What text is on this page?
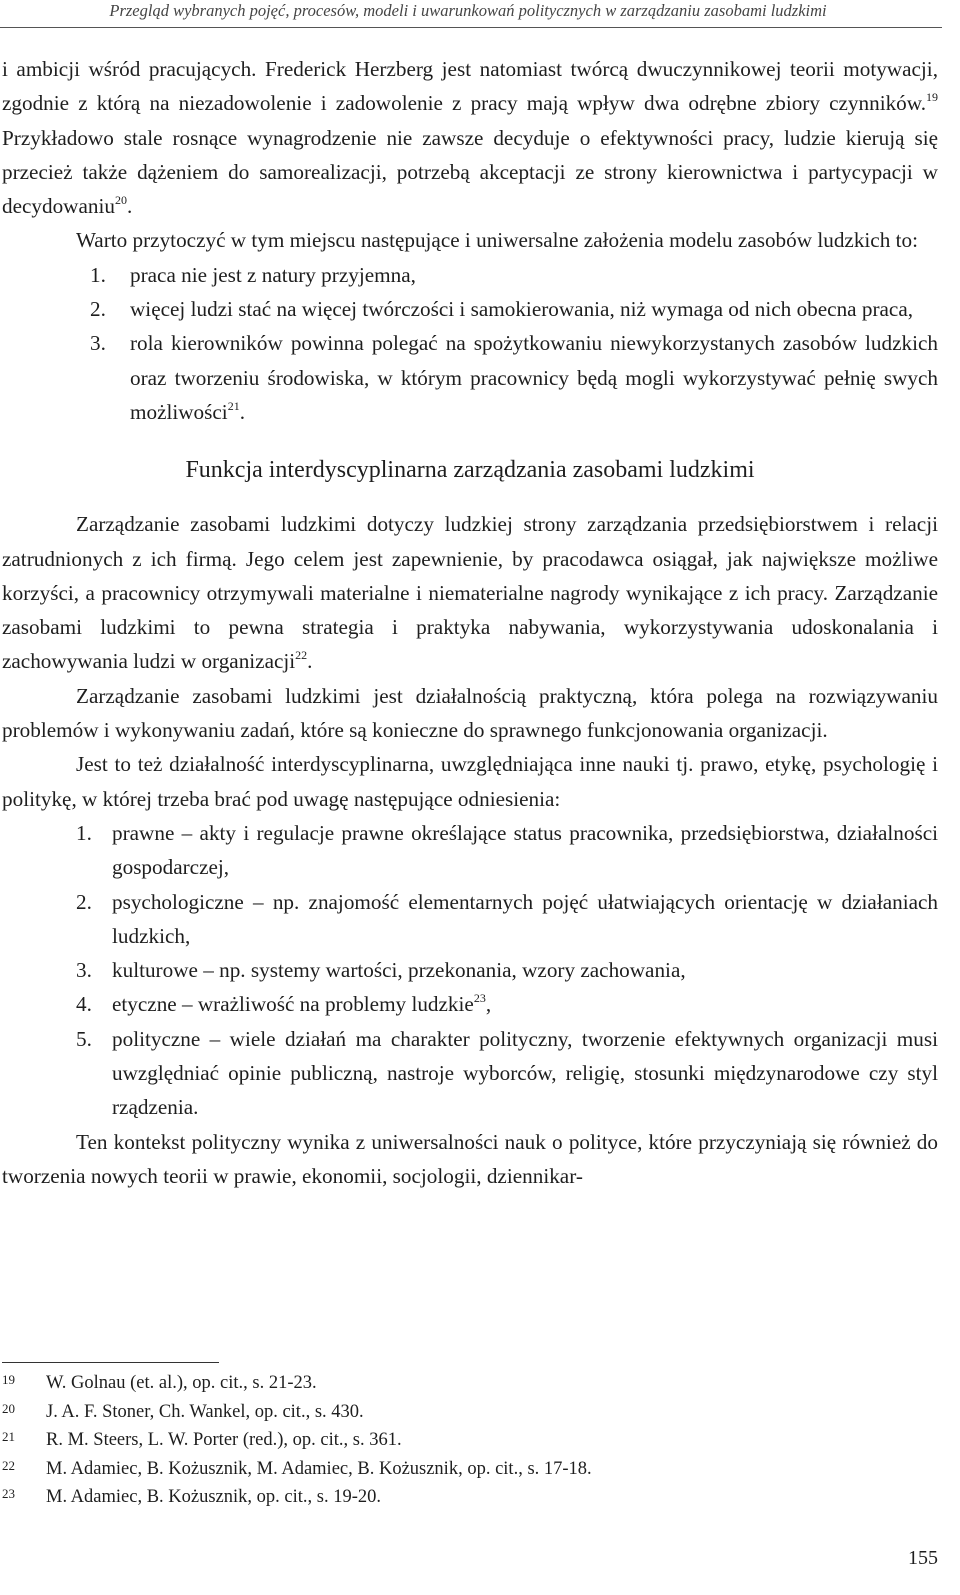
Przegląd wybranych pojęć, procesów, modeli i uwarunkowań politycznych w zarządzaniu zasobami ludzkimi

i ambicji wśród pracujących. Frederick Herzberg jest natomiast twórcą dwuczynnikowej teorii motywacji, zgodnie z którą na niezadowolenie i zadowolenie z pracy mają wpływ dwa odrębne zbiory czynników.$^{19}$ Przykładowo stale rosnące wynagrodzenie nie zawsze decyduje o efektywności pracy, ludzie kierują się przecież także dążeniem do samorealizacji, potrzebą akceptacji ze strony kierownictwa i partycypacji w decydowaniu$^{20}$.

Warto przytoczyć w tym miejscu następujące i uniwersalne założenia modelu zasobów ludzkich to:

1. praca nie jest z natury przyjemna,
2. więcej ludzi stać na więcej twórczości i samokierowania, niż wymaga od nich obecna praca,
3. rola kierowników powinna polegać na spożytkowaniu niewykorzystanych zasobów ludzkich oraz tworzeniu środowiska, w którym pracownicy będą mogli wykorzystywać pełnię swych możliwości$^{21}$.
Funkcja interdyscyplinarna zarządzania zasobami ludzkimi

Zarządzanie zasobami ludzkimi dotyczy ludzkiej strony zarządzania przedsiębiorstwem i relacji zatrudnionych z ich firmą. Jego celem jest zapewnienie, by pracodawca osiągał, jak największe możliwe korzyści, a pracownicy otrzymywali materialne i niematerialne nagrody wynikające z ich pracy. Zarządzanie zasobami ludzkimi to pewna strategia i praktyka nabywania, wykorzystywania udoskonalania i zachowywania ludzi w organizacji$^{22}$.

Zarządzanie zasobami ludzkimi jest działalnością praktyczną, która polega na rozwiązywaniu problemów i wykonywaniu zadań, które są konieczne do sprawnego funkcjonowania organizacji.

Jest to też działalność interdyscyplinarna, uwzględniająca inne nauki tj. prawo, etykę, psychologię i politykę, w której trzeba brać pod uwagę następujące odniesienia:

1. prawne – akty i regulacje prawne określające status pracownika, przedsiębiorstwa, działalności gospodarczej,
2. psychologiczne – np. znajomość elementarnych pojęć ułatwiających orientację w działaniach ludzkich,
3. kulturowe – np. systemy wartości, przekonania, wzory zachowania,
4. etyczne – wrażliwość na problemy ludzkie$^{23}$,
5. polityczne – wiele działań ma charakter polityczny, tworzenie efektywnych organizacji musi uwzględniać opinie publiczną, nastroje wyborców, religię, stosunki międzynarodowe czy styl rządzenia.

Ten kontekst polityczny wynika z uniwersalności nauk o polityce, które przyczyniają się również do tworzenia nowych teorii w prawie, ekonomii, socjologii, dziennikar-

19 W. Golnau (et. al.), op. cit., s. 21-23.
20 J. A. F. Stoner, Ch. Wankel, op. cit., s. 430.
21 R. M. Steers, L. W. Porter (red.), op. cit., s. 361.
22 M. Adamiec, B. Kożusznik, M. Adamiec, B. Kożusznik, op. cit., s. 17-18.
23 M. Adamiec, B. Kożusznik, op. cit., s. 19-20.
155
